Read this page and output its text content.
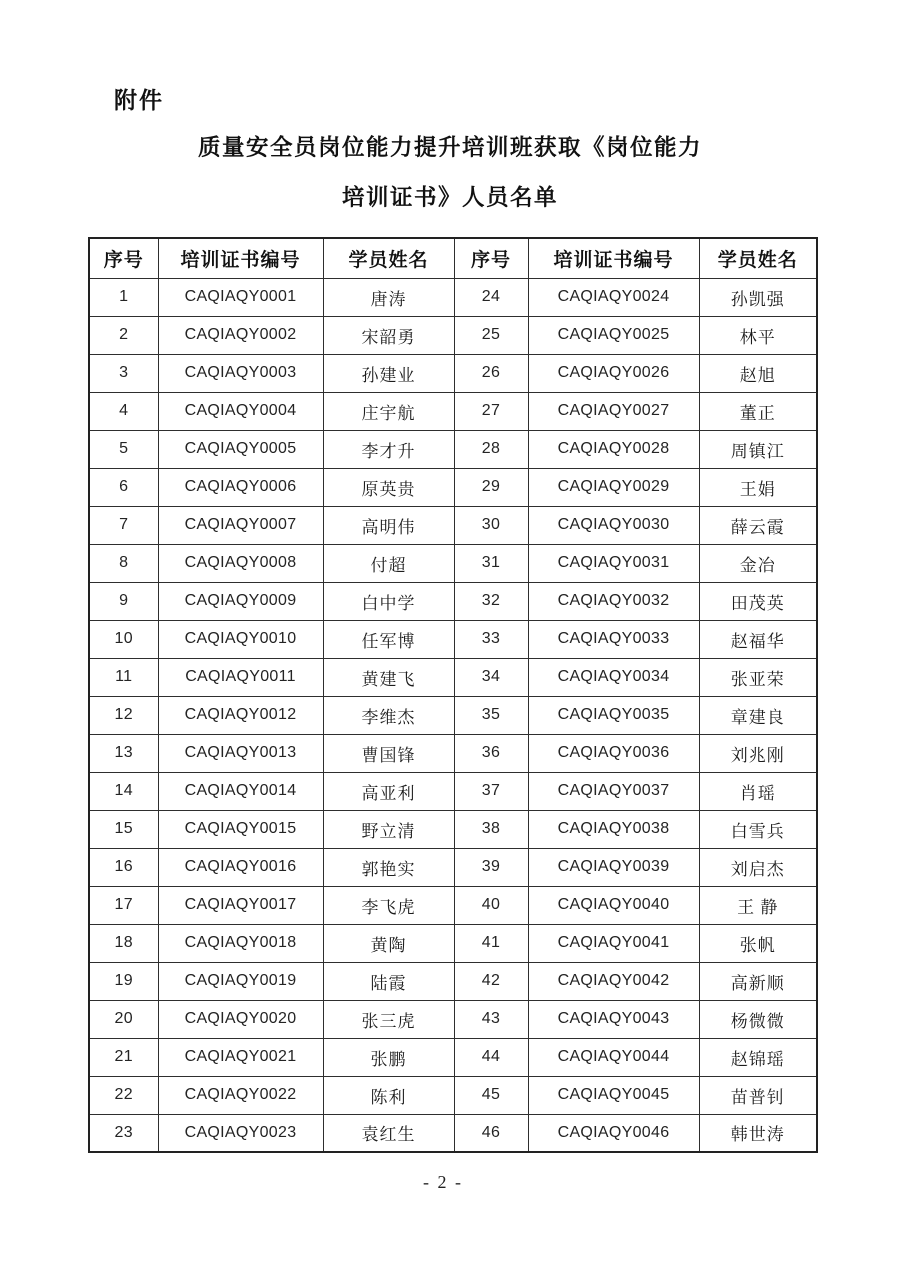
附件
质量安全员岗位能力提升培训班获取《岗位能力
培训证书》人员名单
序号	培训证书编号	学员姓名	序号	培训证书编号	学员姓名
1	CAQIAQY0001	唐涛	24	CAQIAQY0024	孙凯强
2	CAQIAQY0002	宋韶勇	25	CAQIAQY0025	林平
3	CAQIAQY0003	孙建业	26	CAQIAQY0026	赵旭
4	CAQIAQY0004	庄宇航	27	CAQIAQY0027	董正
5	CAQIAQY0005	李才升	28	CAQIAQY0028	周镇江
6	CAQIAQY0006	原英贵	29	CAQIAQY0029	王娟
7	CAQIAQY0007	高明伟	30	CAQIAQY0030	薛云霞
8	CAQIAQY0008	付超	31	CAQIAQY0031	金冶
9	CAQIAQY0009	白中学	32	CAQIAQY0032	田茂英
10	CAQIAQY0010	任军博	33	CAQIAQY0033	赵福华
11	CAQIAQY0011	黄建飞	34	CAQIAQY0034	张亚荣
12	CAQIAQY0012	李维杰	35	CAQIAQY0035	章建良
13	CAQIAQY0013	曹国锋	36	CAQIAQY0036	刘兆刚
14	CAQIAQY0014	高亚利	37	CAQIAQY0037	肖瑶
15	CAQIAQY0015	野立清	38	CAQIAQY0038	白雪兵
16	CAQIAQY0016	郭艳实	39	CAQIAQY0039	刘启杰
17	CAQIAQY0017	李飞虎	40	CAQIAQY0040	王 静
18	CAQIAQY0018	黄陶	41	CAQIAQY0041	张帆
19	CAQIAQY0019	陆霞	42	CAQIAQY0042	高新顺
20	CAQIAQY0020	张三虎	43	CAQIAQY0043	杨微微
21	CAQIAQY0021	张鹏	44	CAQIAQY0044	赵锦瑶
22	CAQIAQY0022	陈利	45	CAQIAQY0045	苗普钊
23	CAQIAQY0023	袁红生	46	CAQIAQY0046	韩世涛
- 2 -
